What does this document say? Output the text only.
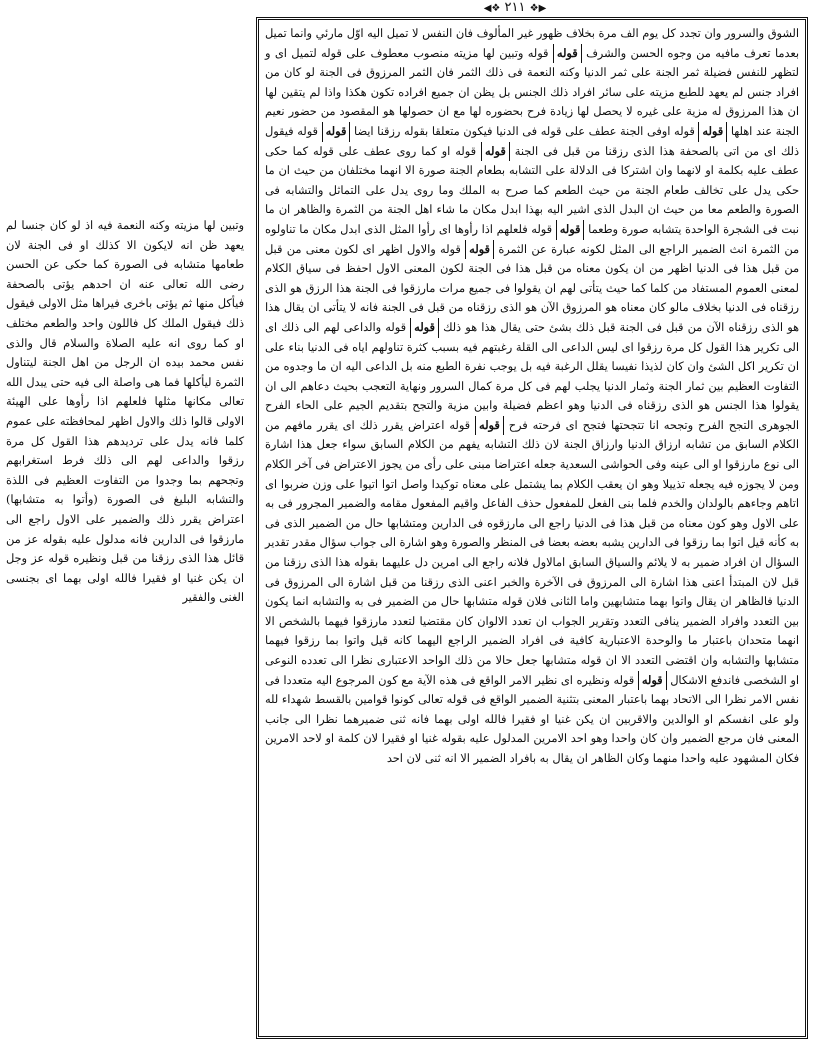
◀❖ ٢١١ ❖▶

الشوق والسرور وان تجدد كل يوم الف مرة بخلاف ظهور غير المألوف فان النفس لا تميل اليه اوّل مارئي وانما تميل بعدما تعرف مافيه من وجوه الحسن والشرف قوله قوله وتبين لها مزيته منصوب معطوف على قوله لتميل اى و لتظهر للنفس فضيلة ثمر الجنة على ثمر الدنيا وكنه النعمة فى ذلك الثمر فان الثمر المرزوق فى الجنة لو كان من افراد جنس لم يعهد للطبع مزيته على سائر افراد ذلك الجنس بل يظن ان جميع افراده تكون هكذا واذا لم يتقين لها ان هذا المرزوق له مزية على غيره لا يحصل لها زيادة فرح بحضوره لها مع ان حصولها هو المقصود من حضور نعيم الجنة عند اهلها قوله قوله اوفى الجنة عطف على قوله فى الدنيا فيكون متعلقا بقوله رزقنا ايضا قوله قوله فيقول ذلك اى من اتى بالصحفة هذا الذى رزقنا من قبل فى الجنة قوله قوله او كما روى عطف على قوله كما حكى عطف عليه بكلمة او لانهما وان اشتركا فى الدلالة على التشابه بطعام الجنة صورة الا انهما مختلفان من حيث ان ما حكى يدل على تخالف طعام الجنة من حيث الطعم كما صرح به الملك وما روى يدل على التماثل والتشابه فى الصورة والطعم معا من حيث ان البدل الذى اشير اليه بهذا ابدل مكان ما شاء اهل الجنة من الثمرة والظاهر ان ما نبت فى الشجرة الواحدة يتشابه صورة وطعما قوله قوله فلعلهم اذا رأوها اى رأوا المثل الذى ابدل مكان ما تناولوه من الثمرة انث الضمير الراجع الى المثل لكونه عبارة عن الثمرة قوله قوله والاول اظهر اى لكون معنى من قبل من قبل هذا فى الدنيا اظهر من ان يكون معناه من قبل هذا فى الجنة لكون المعنى الاول احفظ فى سياق الكلام لمعنى العموم المستفاد من كلما كما حيث يتأتى لهم ان يقولوا فى جميع مرات مارزقوا فى الجنة هذا الرزق هو الذى رزقناه فى الدنيا بخلاف مالو كان معناه هو المرزوق الآن هو الذى رزقناه من قبل فى الجنة فانه لا يتأتى ان يقال هذا هو الذى رزقناه الآن من قبل فى الجنة قبل ذلك بشئ حتى يقال هذا هو ذلك قوله قوله والداعى لهم الى ذلك اى الى تكرير هذا القول كل مرة رزقوا اى ليس الداعى الى القلة رغبتهم فيه بسبب كثرة تناولهم اياه فى الدنيا بناء على ان تكرير اكل الشئ وان كان لذيذا نفيسا يقلل الرغبة فيه بل يوجب نفرة الطبع منه بل الداعى اليه ان ما وجدوه من التفاوت العظيم بين ثمار الجنة وثمار الدنيا يجلب لهم فى كل مرة كمال السرور ونهاية التعجب بحيث دعاهم الى ان يقولوا هذا الجنس هو الذى رزقناه فى الدنيا وهو اعظم فضيلة وابين مزية والتجح بتقديم الجيم على الحاء الفرح الجوهرى التجح الفرح وتجحه انا تتجحتها فتجح اى فرحته فرح قوله قوله اعتراض يقرر ذلك اى يقرر مافهم من الكلام السابق من تشابه ارزاق الدنيا وارزاق الجنة لان ذلك التشابه يفهم من الكلام السابق سواء جعل هذا اشارة الى نوع مارزقوا او الى عينه وفى الحواشى السعدية جعله اعتراضا مبنى على رأى من يجوز الاعتراض فى آخر الكلام ومن لا يجوزه فيه يجعله تذييلا وهو ان يعقب الكلام بما يشتمل على معناه توكيدا واصل اتوا اتيوا على وزن ضربوا اى اتاهم وجاءهم بالولدان والخدم فلما بنى الفعل للمفعول حذف الفاعل واقيم المفعول مقامه والضمير المجرور فى به على الاول وهو كون معناه من قبل هذا فى الدنيا راجع الى مارزقوه فى الدارين ومتشابها حال من الضمير الذى فى به كأنه قيل اتوا بما رزقوا فى الدارين يشبه بعضه بعضا فى المنظر والصورة وهو اشارة الى جواب سؤال مقدر تقدير السؤال ان افراد ضمير به لا يلائم والسياق السابق امالاول فلانه راجع الى امرين دل عليهما بقوله هذا الذى رزقنا من قبل لان المبتدأ اعنى هذا اشارة الى المرزوق فى الآخرة والخبر اعنى الذى رزقنا من قبل اشارة الى المرزوق فى الدنيا فالظاهر ان يقال واتوا بهما متشابهين واما الثانى فلان قوله متشابها حال من الضمير فى به والتشابه انما يكون بين التعدد وافراد الضمير ينافى التعدد وتقرير الجواب ان تعدد الالوان كان مقتضيا لتعدد مارزقوا فيهما بالشخص الا انهما متحدان باعتبار ما والوحدة الاعتبارية كافية فى افراد الضمير الراجع اليهما كانه قيل واتوا بما رزقوا فيهما متشابها والتشابه وان اقتضى التعدد الا ان قوله متشابها جعل حالا من ذلك الواحد الاعتبارى نظرا الى تعدده النوعى او الشخصى فاندفع الاشكال قوله قوله ونظيره اى نظير الامر الواقع فى هذه الآية مع كون المرجوع اليه متعددا فى نفس الامر نظرا الى الاتحاد بهما باعتبار المعنى بتثنية الضمير الواقع فى قوله تعالى كونوا قوامين بالقسط شهداء لله ولو على انفسكم او الوالدين والاقربين ان يكن غنيا او فقيرا فالله اولى بهما فانه ثنى ضميرهما نظرا الى جانب المعنى فان مرجع الضمير وان كان واحدا وهو احد الامرين المدلول عليه بقوله غنيا او فقيرا لان كلمة او لاحد الامرين فكان المشهود عليه واحدا منهما وكان الظاهر ان يقال به بافراد الضمير الا انه ثنى لان احد

وتبين لها مزيته وكنه النعمة فيه اذ لو كان جنسا لم يعهد ظن انه لايكون الا كذلك او فى الجنة لان طعامها متشابه فى الصورة كما حكى عن الحسن رضى الله تعالى عنه ان احدهم يؤتى بالصحفة فيأكل منها ثم يؤتى باخرى فيراها مثل الاولى فيقول ذلك فيقول الملك كل فاللون واحد والطعم مختلف او كما روى انه عليه الصلاة والسلام قال والذى نفس محمد بيده ان الرجل من اهل الجنة ليتناول الثمرة ليأكلها فما هى واصلة الى فيه حتى يبدل الله تعالى مكانها مثلها فلعلهم اذا رأوها على الهيئة الاولى قالوا ذلك والاول اظهر لمحافظته على عموم كلما فانه يدل على ترديدهم هذا القول كل مرة رزقوا والداعى لهم الى ذلك فرط استغرابهم وتجحهم بما وجدوا من التفاوت العظيم فى اللذة والتشابه البليغ فى الصورة (وأتوا به متشابها) اعتراض يقرر ذلك والضمير على الاول راجع الى مارزقوا فى الدارين فانه مدلول عليه بقوله عز من قائل هذا الذى رزقنا من قبل ونظيره قوله عز وجل ان يكن غنيا او فقيرا فالله اولى بهما اى بجنسى الغنى والفقير
